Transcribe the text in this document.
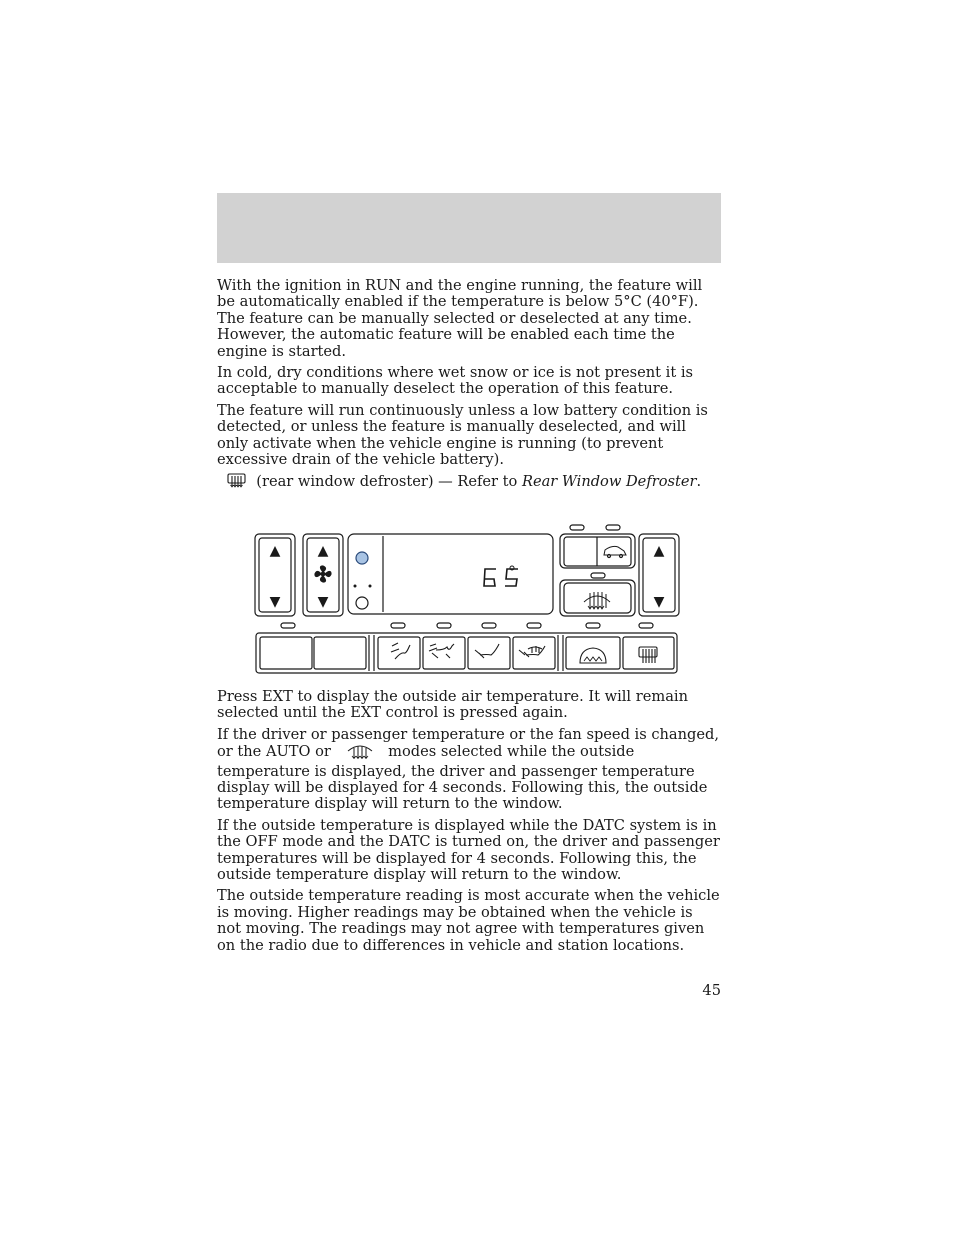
With the ignition in RUN and the engine running, the feature will be automatically enabled if the temperature is below 5°C (40°F). The feature can be manually selected or deselected at any time. However, the automatic feature will be enabled each time the engine is started.

In cold, dry conditions where wet snow or ice is not present it is acceptable to manually deselect the operation of this feature.

The feature will run continuously unless a low battery condition is detected, or unless the feature is manually deselected, and will only activate when the vehicle engine is running (to prevent excessive drain of the vehicle battery).

(rear window defroster) — Refer to Rear Window Defroster.

▲
▼
▲
▼
▲
▼

Press EXT to display the outside air temperature. It will remain selected until the EXT control is pressed again.

If the driver or passenger temperature or the fan speed is changed, or the AUTO or	modes selected while the outside temperature is displayed, the driver and passenger temperature display will be displayed for 4 seconds. Following this, the outside temperature display will return to the window.

If the outside temperature is displayed while the DATC system is in the OFF mode and the DATC is turned on, the driver and passenger temperatures will be displayed for 4 seconds. Following this, the outside temperature display will return to the window.

The outside temperature reading is most accurate when the vehicle is moving. Higher readings may be obtained when the vehicle is not moving. The readings may not agree with temperatures given on the radio due to differences in vehicle and station locations.

45
